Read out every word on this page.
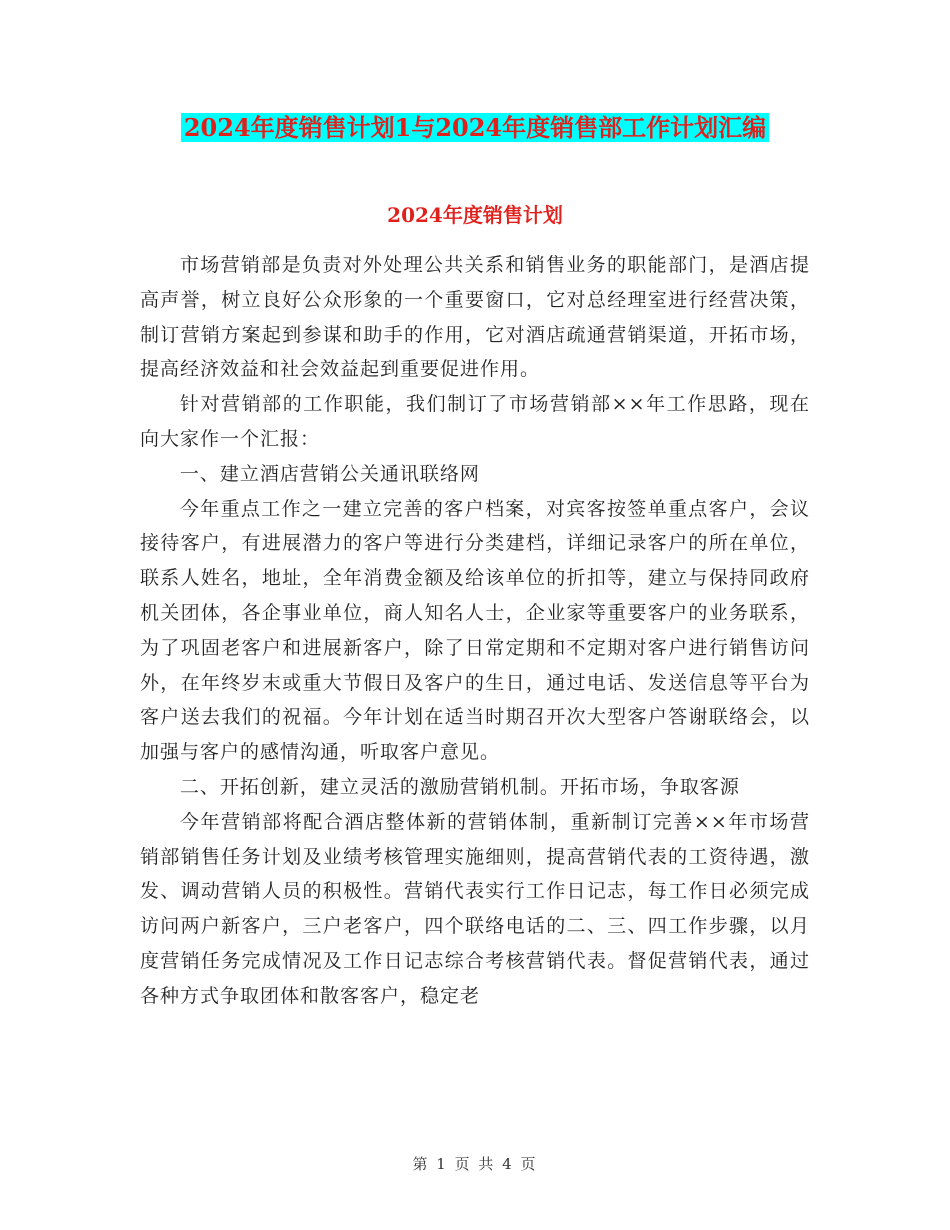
2024年度销售计划1与2024年度销售部工作计划汇编
2024年度销售计划

市场营销部是负责对外处理公共关系和销售业务的职能部门，是酒店提高声誉，树立良好公众形象的一个重要窗口，它对总经理室进行经营决策，制订营销方案起到参谋和助手的作用，它对酒店疏通营销渠道，开拓市场，提高经济效益和社会效益起到重要促进作用。

针对营销部的工作职能，我们制订了市场营销部××年工作思路，现在向大家作一个汇报：

一、建立酒店营销公关通讯联络网

今年重点工作之一建立完善的客户档案，对宾客按签单重点客户，会议接待客户，有进展潜力的客户等进行分类建档，详细记录客户的所在单位，联系人姓名，地址，全年消费金额及给该单位的折扣等，建立与保持同政府机关团体，各企事业单位，商人知名人士，企业家等重要客户的业务联系，为了巩固老客户和进展新客户，除了日常定期和不定期对客户进行销售访问外，在年终岁末或重大节假日及客户的生日，通过电话、发送信息等平台为客户送去我们的祝福。今年计划在适当时期召开次大型客户答谢联络会，以加强与客户的感情沟通，听取客户意见。

二、开拓创新，建立灵活的激励营销机制。开拓市场，争取客源

今年营销部将配合酒店整体新的营销体制，重新制订完善××年市场营销部销售任务计划及业绩考核管理实施细则，提高营销代表的工资待遇，激发、调动营销人员的积极性。营销代表实行工作日记志，每工作日必须完成访问两户新客户，三户老客户，四个联络电话的二、三、四工作步骤，以月度营销任务完成情况及工作日记志综合考核营销代表。督促营销代表，通过各种方式争取团体和散客客户，稳定老

第 1 页 共 4 页
